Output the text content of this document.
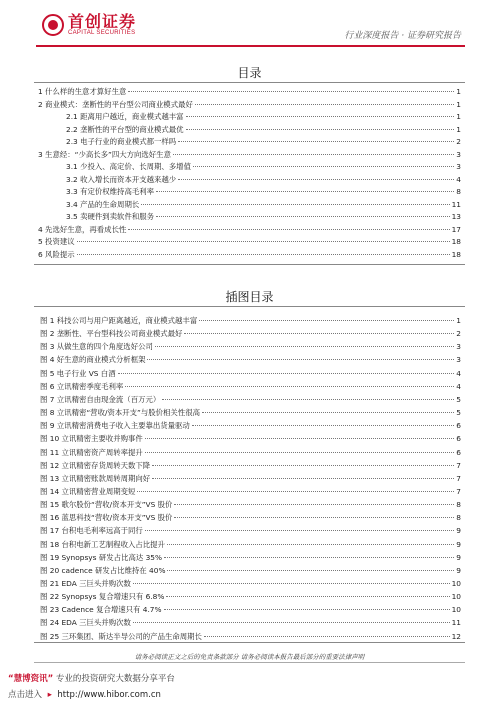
首创证券
CAPITAL SECURITIES	行业深度报告 · 证券研究报告
目录
1 什么样的生意才算好生意	1
2 商业模式：垄断性的平台型公司商业模式最好	1
2.1 距离用户越近，商业模式越丰富	1
2.2 垄断性的平台型的商业模式最优	1
2.3 电子行业的商业模式都一样吗	2
3 生意经：“少高长多”四大方向选好生意	3
3.1 少投入、高定价、长周期、多增值	3
3.2 收入增长而资本开支越来越少	4
3.3 有定价权维持高毛利率	8
3.4 产品的生命周期长	11
3.5 卖硬件到卖软件和服务	13
4 先选好生意，再看成长性	17
5 投资建议	18
6 风险提示	18
插图目录
图 1 科技公司与用户距离越近，商业模式越丰富	1
图 2 垄断性、平台型科技公司商业模式最好	2
图 3 从做生意的四个角度选好公司	3
图 4 好生意的商业模式分析框架	3
图 5 电子行业 VS 白酒	4
图 6 立讯精密季度毛利率	4
图 7 立讯精密自由现金流（百万元）	5
图 8 立讯精密“营收/资本开支”与股价相关性很高	5
图 9 立讯精密消费电子收入主要靠出货量驱动	6
图 10 立讯精密主要收并购事件	6
图 11 立讯精密资产周转率提升	6
图 12 立讯精密存货周转天数下降	7
图 13 立讯精密账款周转周期向好	7
图 14 立讯精密营业周期变短	7
图 15 歌尔股份“营收/资本开支”VS 股价	8
图 16 蓝思科技“营收/资本开支”VS 股价	8
图 17 台积电毛利率远高于同行	9
图 18 台积电新工艺制程收入占比提升	9
图 19 Synopsys 研发占比高达 35%	9
图 20 cadence 研发占比维持在 40%	9
图 21 EDA 三巨头并购次数	10
图 22 Synopsys 复合增速只有 6.8%	10
图 23 Cadence 复合增速只有 4.7%	10
图 24 EDA 三巨头并购次数	11
图 25 三环集团、斯达半导公司的产品生命周期长	12
请务必阅读正文之后的免责条款部分 请务必阅读本报告最后部分的重要法律声明
“慧博资讯” 专业的投资研究大数据分享平台
点击进入 ▸ http://www.hibor.com.cn
